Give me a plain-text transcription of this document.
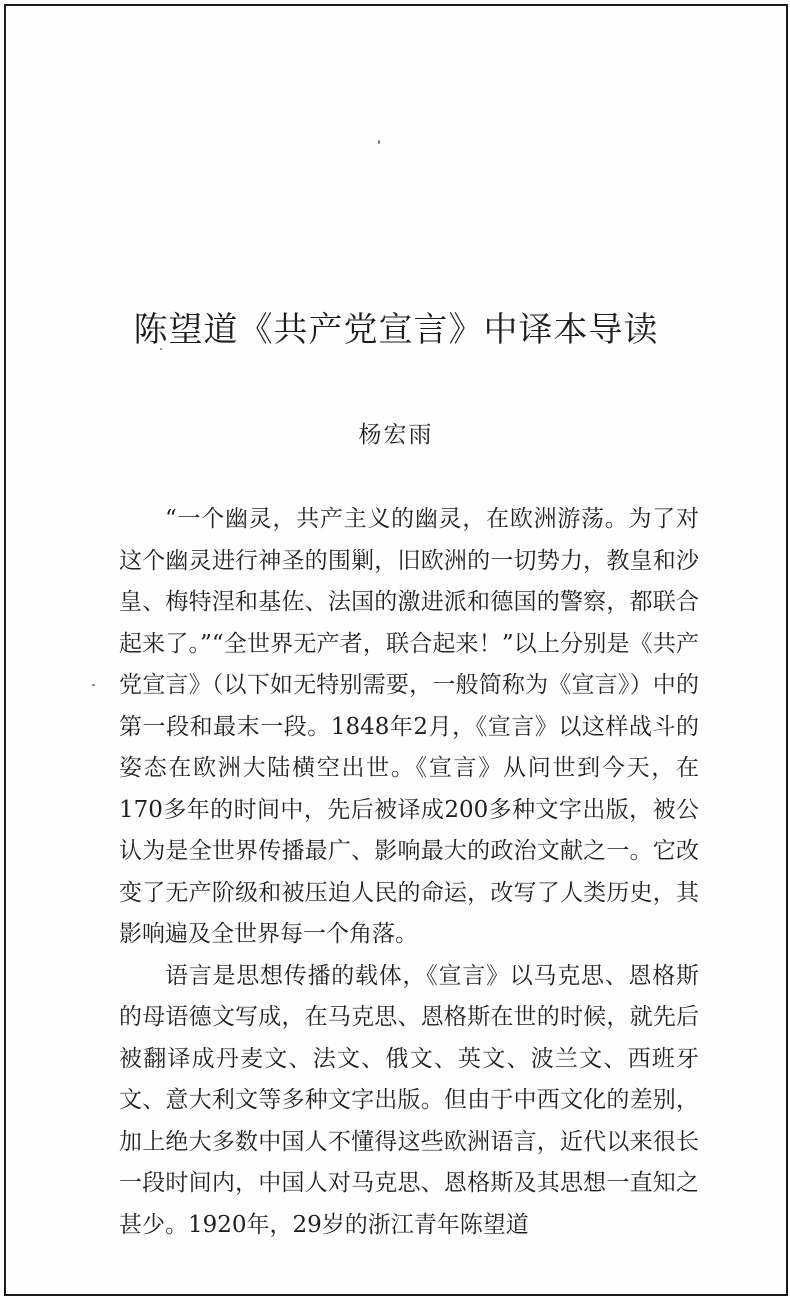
陈望道《共产党宣言》中译本导读
杨宏雨

“一个幽灵，共产主义的幽灵，在欧洲游荡。为了对这个幽灵进行神圣的围剿，旧欧洲的一切势力，教皇和沙皇、梅特涅和基佐、法国的激进派和德国的警察，都联合起来了。”“全世界无产者，联合起来！”以上分别是《共产党宣言》（以下如无特别需要，一般简称为《宣言》）中的第一段和最末一段。1848年2月，《宣言》以这样战斗的姿态在欧洲大陆横空出世。《宣言》从问世到今天，在170多年的时间中，先后被译成200多种文字出版，被公认为是全世界传播最广、影响最大的政治文献之一。它改变了无产阶级和被压迫人民的命运，改写了人类历史，其影响遍及全世界每一个角落。

语言是思想传播的载体，《宣言》以马克思、恩格斯的母语德文写成，在马克思、恩格斯在世的时候，就先后被翻译成丹麦文、法文、俄文、英文、波兰文、西班牙文、意大利文等多种文字出版。但由于中西文化的差别，加上绝大多数中国人不懂得这些欧洲语言，近代以来很长一段时间内，中国人对马克思、恩格斯及其思想一直知之甚少。1920年，29岁的浙江青年陈望道
